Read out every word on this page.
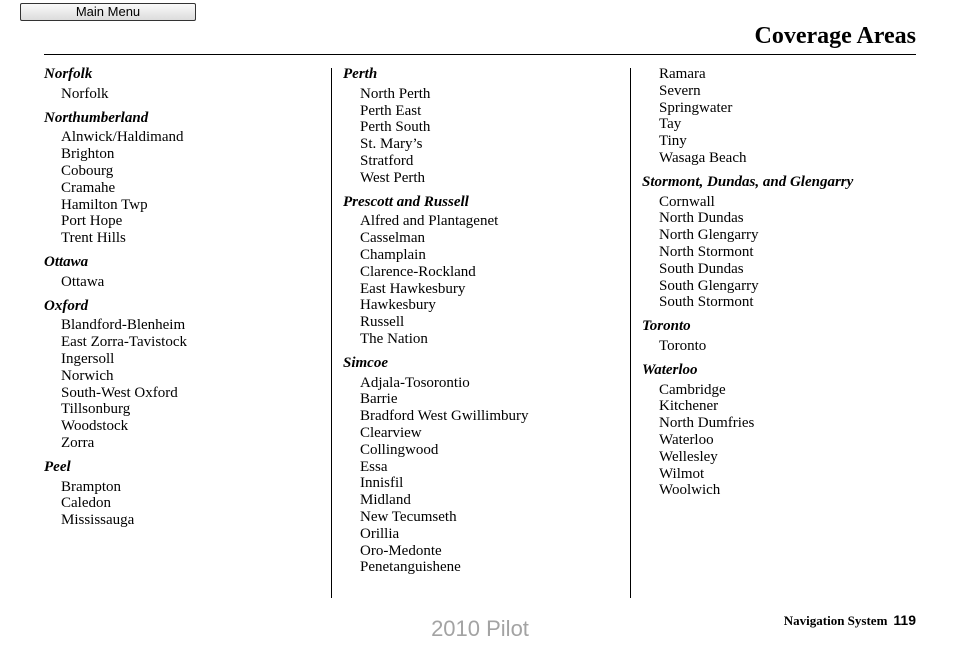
Main Menu
Coverage Areas
Norfolk
Norfolk
Northumberland
Alnwick/Haldimand
Brighton
Cobourg
Cramahe
Hamilton Twp
Port Hope
Trent Hills
Ottawa
Ottawa
Oxford
Blandford-Blenheim
East Zorra-Tavistock
Ingersoll
Norwich
South-West Oxford
Tillsonburg
Woodstock
Zorra
Peel
Brampton
Caledon
Mississauga
Perth
North Perth
Perth East
Perth South
St. Mary’s
Stratford
West Perth
Prescott and Russell
Alfred and Plantagenet
Casselman
Champlain
Clarence-Rockland
East Hawkesbury
Hawkesbury
Russell
The Nation
Simcoe
Adjala-Tosorontio
Barrie
Bradford West Gwillimbury
Clearview
Collingwood
Essa
Innisfil
Midland
New Tecumseth
Orillia
Oro-Medonte
Penetanguishene
Ramara
Severn
Springwater
Tay
Tiny
Wasaga Beach
Stormont, Dundas, and Glengarry
Cornwall
North Dundas
North Glengarry
North Stormont
South Dundas
South Glengarry
South Stormont
Toronto
Toronto
Waterloo
Cambridge
Kitchener
North Dumfries
Waterloo
Wellesley
Wilmot
Woolwich
Navigation System 119
2010 Pilot
